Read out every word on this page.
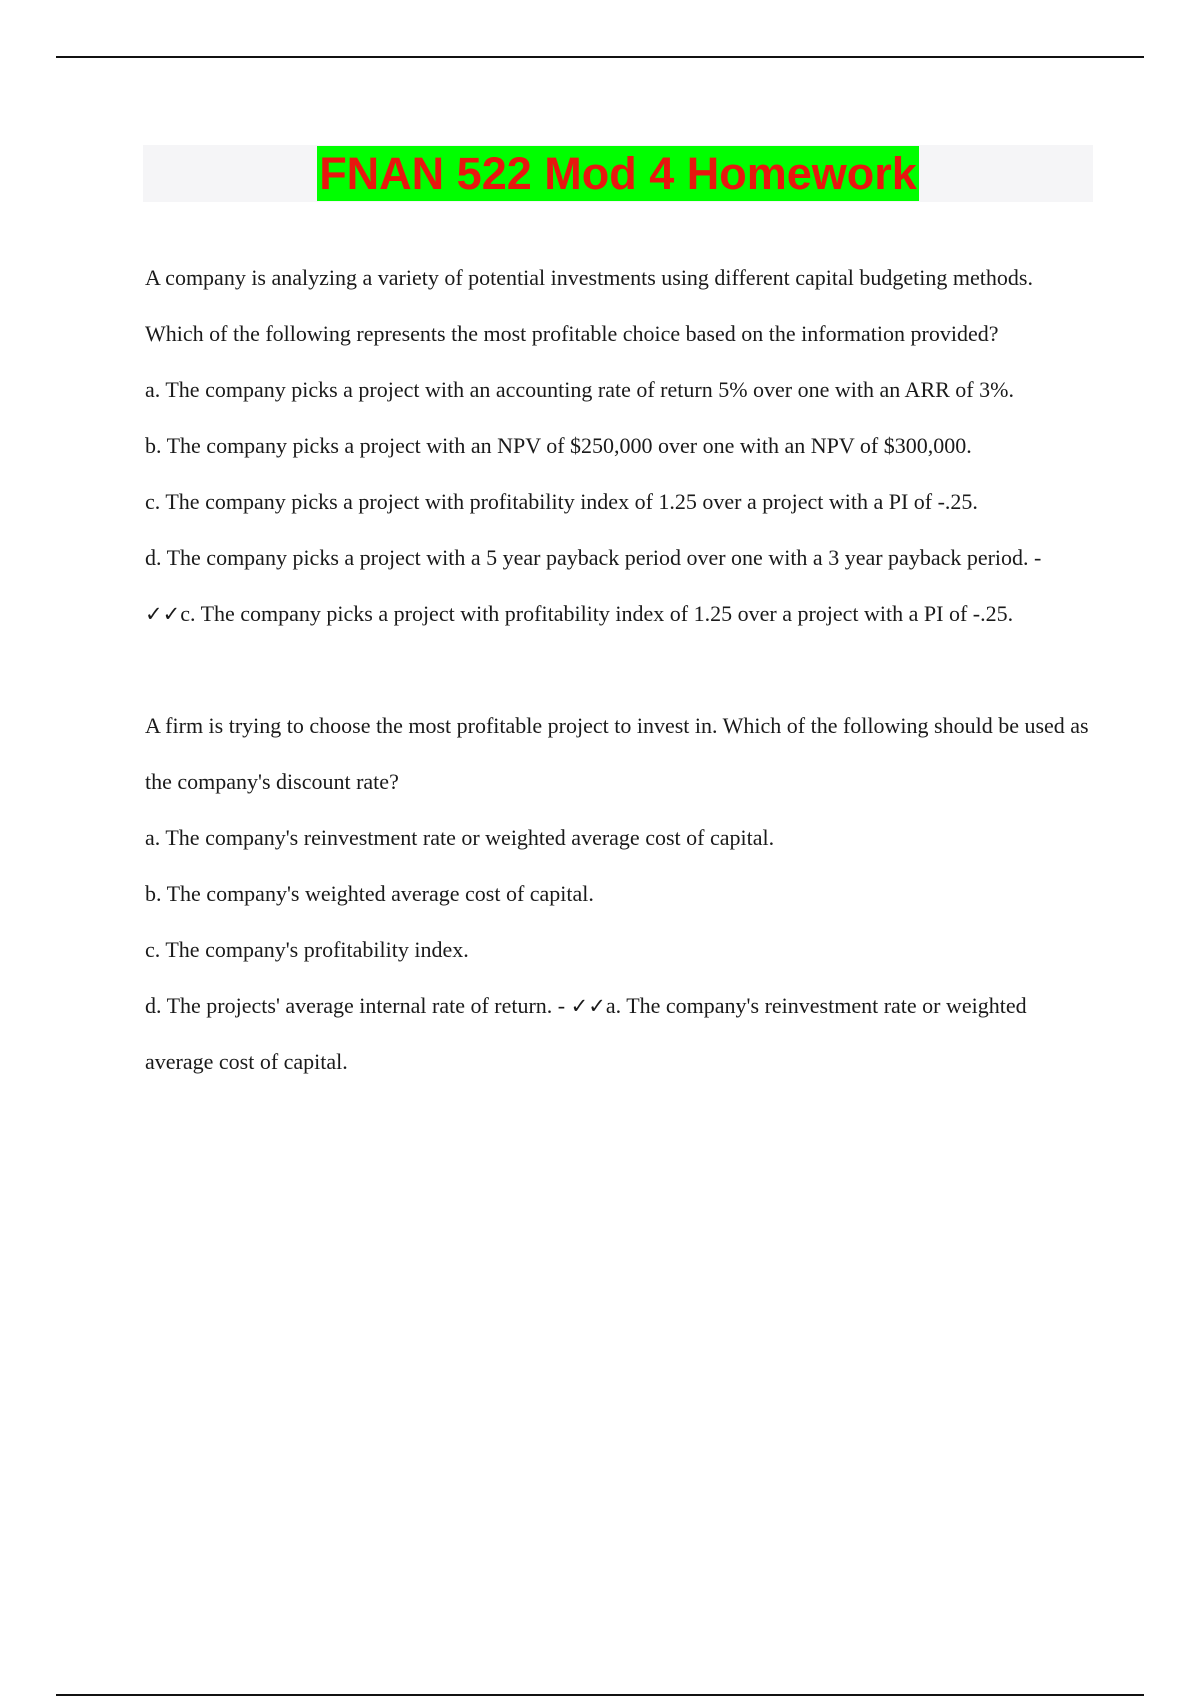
FNAN 522 Mod 4 Homework

A company is analyzing a variety of potential investments using different capital budgeting methods. Which of the following represents the most profitable choice based on the information provided?

a. The company picks a project with an accounting rate of return 5% over one with an ARR of 3%.

b. The company picks a project with an NPV of $250,000 over one with an NPV of $300,000.

c. The company picks a project with profitability index of 1.25 over a project with a PI of -.25.

d. The company picks a project with a 5 year payback period over one with a 3 year payback period. - ✓✓c. The company picks a project with profitability index of 1.25 over a project with a PI of -.25.

A firm is trying to choose the most profitable project to invest in. Which of the following should be used as the company's discount rate?

a. The company's reinvestment rate or weighted average cost of capital.

b. The company's weighted average cost of capital.

c. The company's profitability index.

d. The projects' average internal rate of return. - ✓✓a. The company's reinvestment rate or weighted average cost of capital.
